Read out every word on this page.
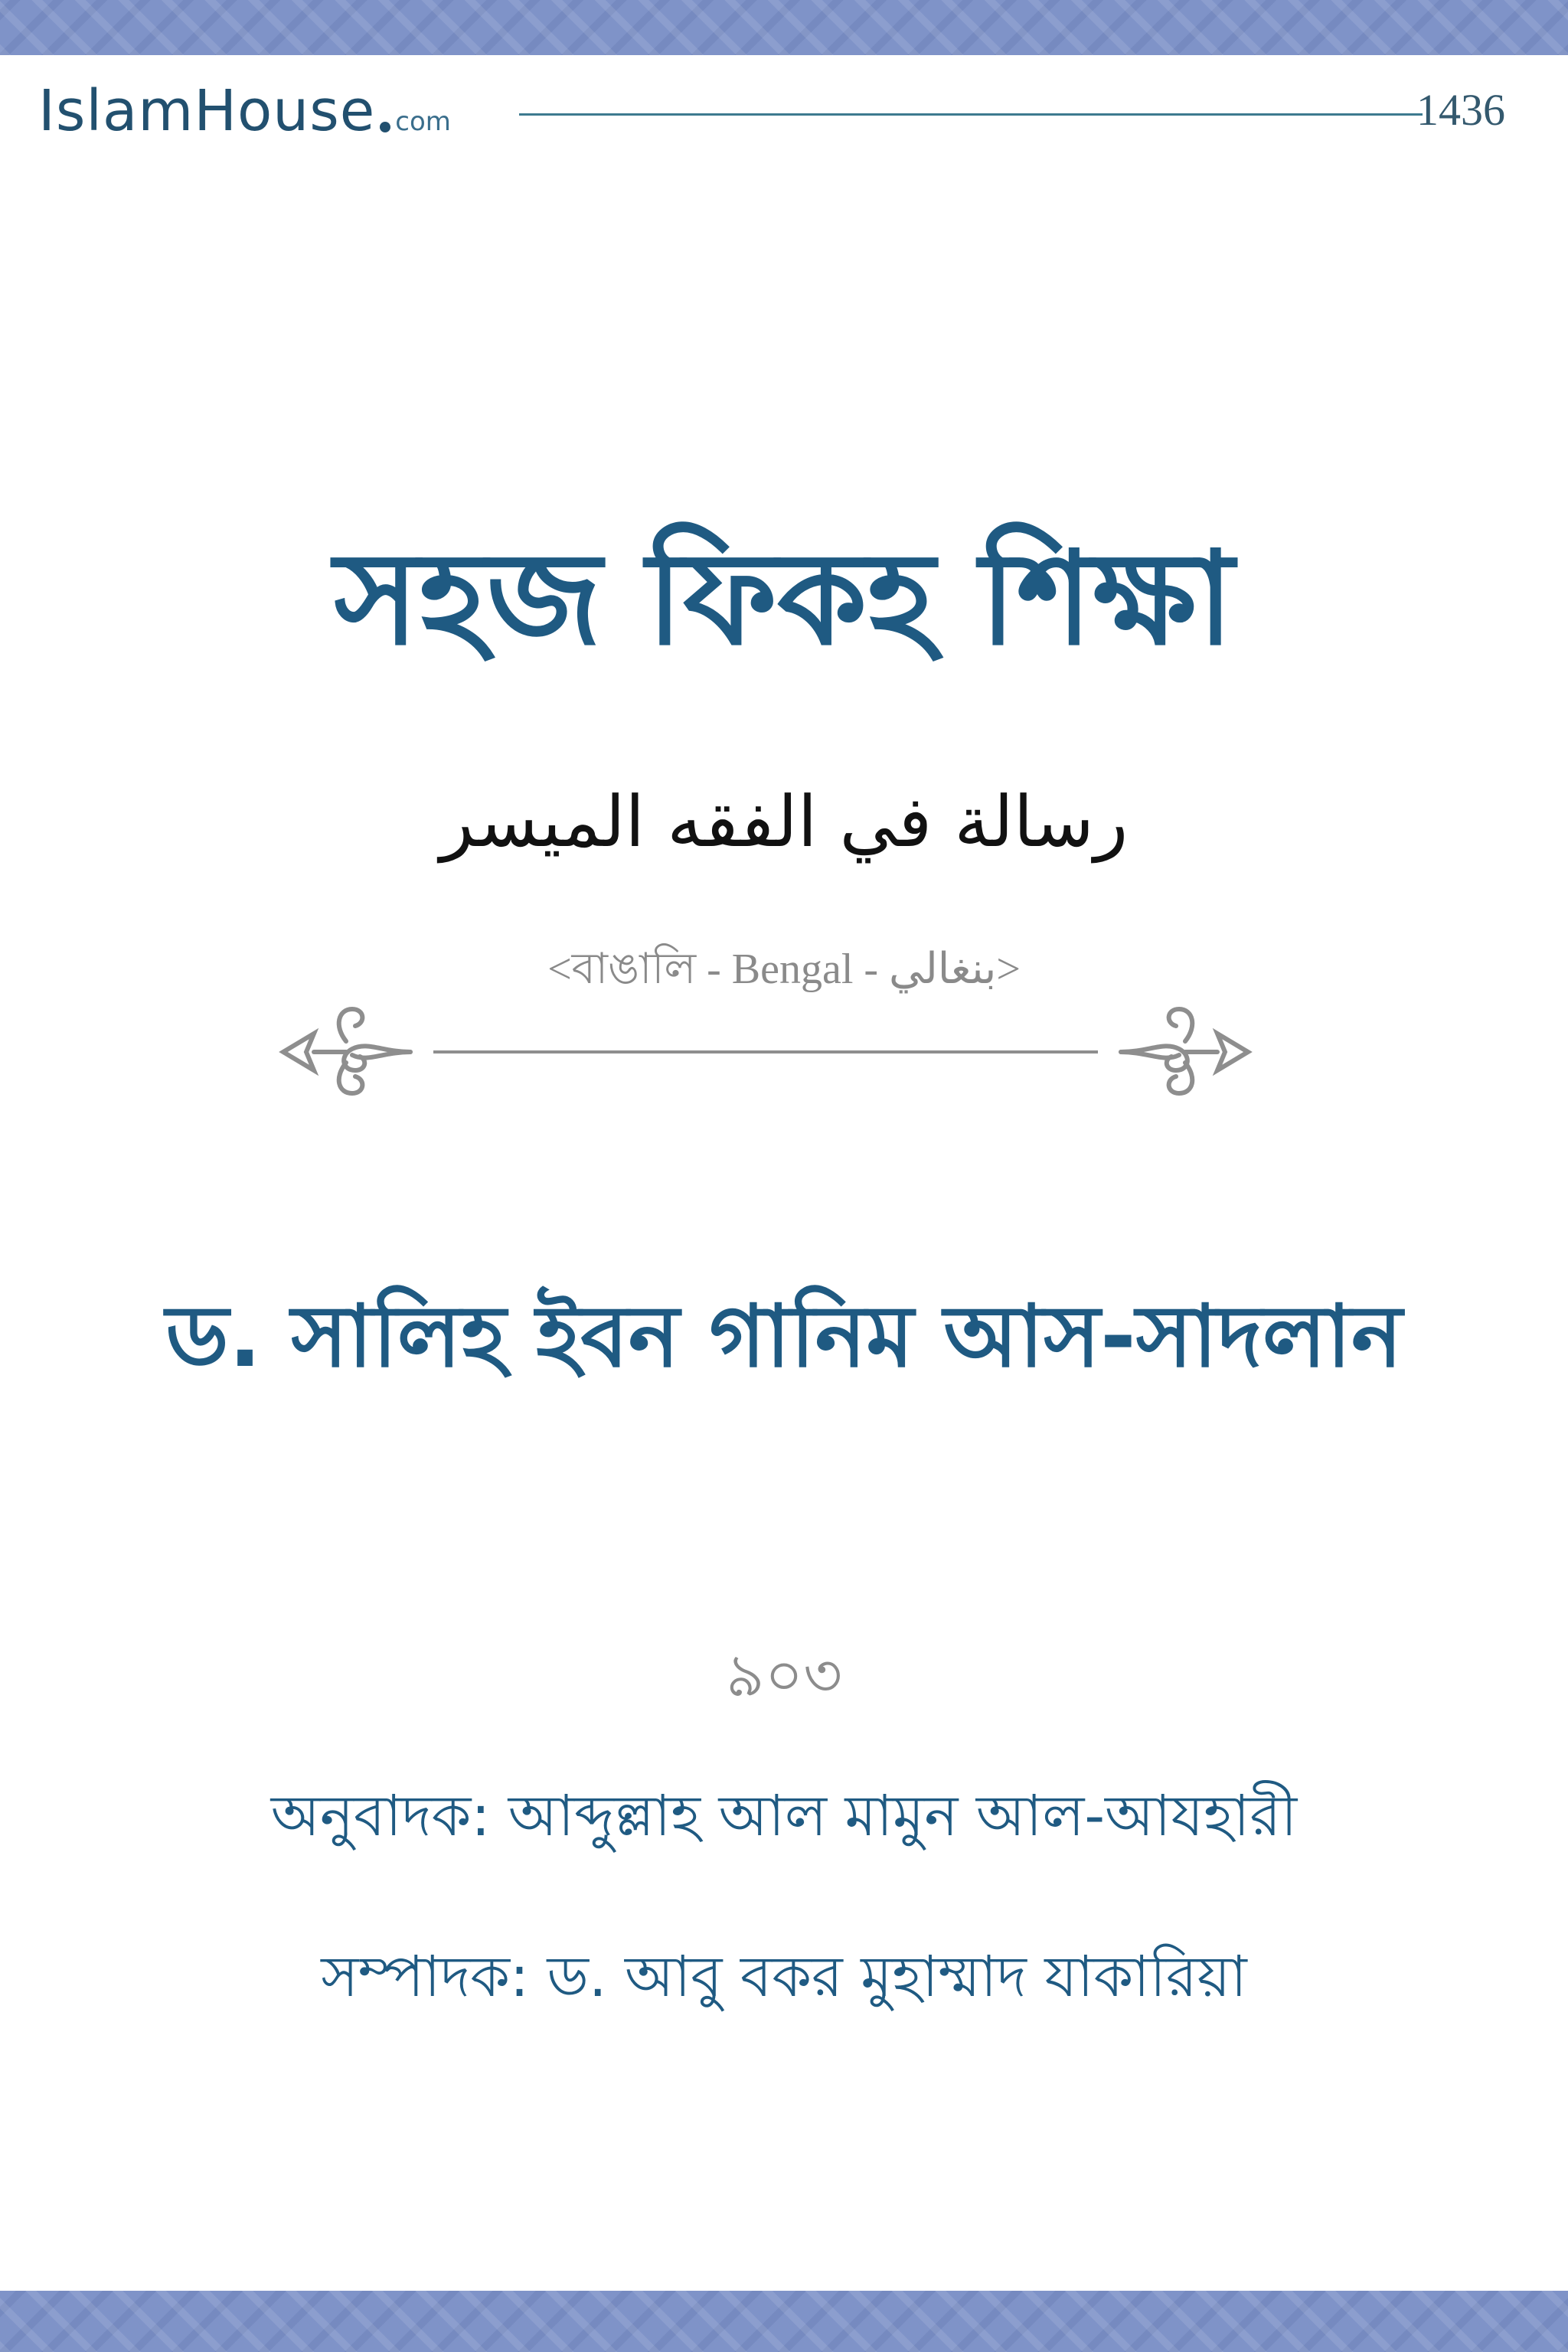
IslamHouse com	1436
সহজ ফিকহ শিক্ষা
رسالة في الفقه الميسر
<বাঙালি - Bengal - بنغالي>
ড. সালিহ ইবন গানিম আস-সাদলান
৯০৩
অনুবাদক: আব্দুল্লাহ আল মামুন আল-আযহারী
সম্পাদক: ড. আবু বকর মুহাম্মাদ যাকারিয়া
